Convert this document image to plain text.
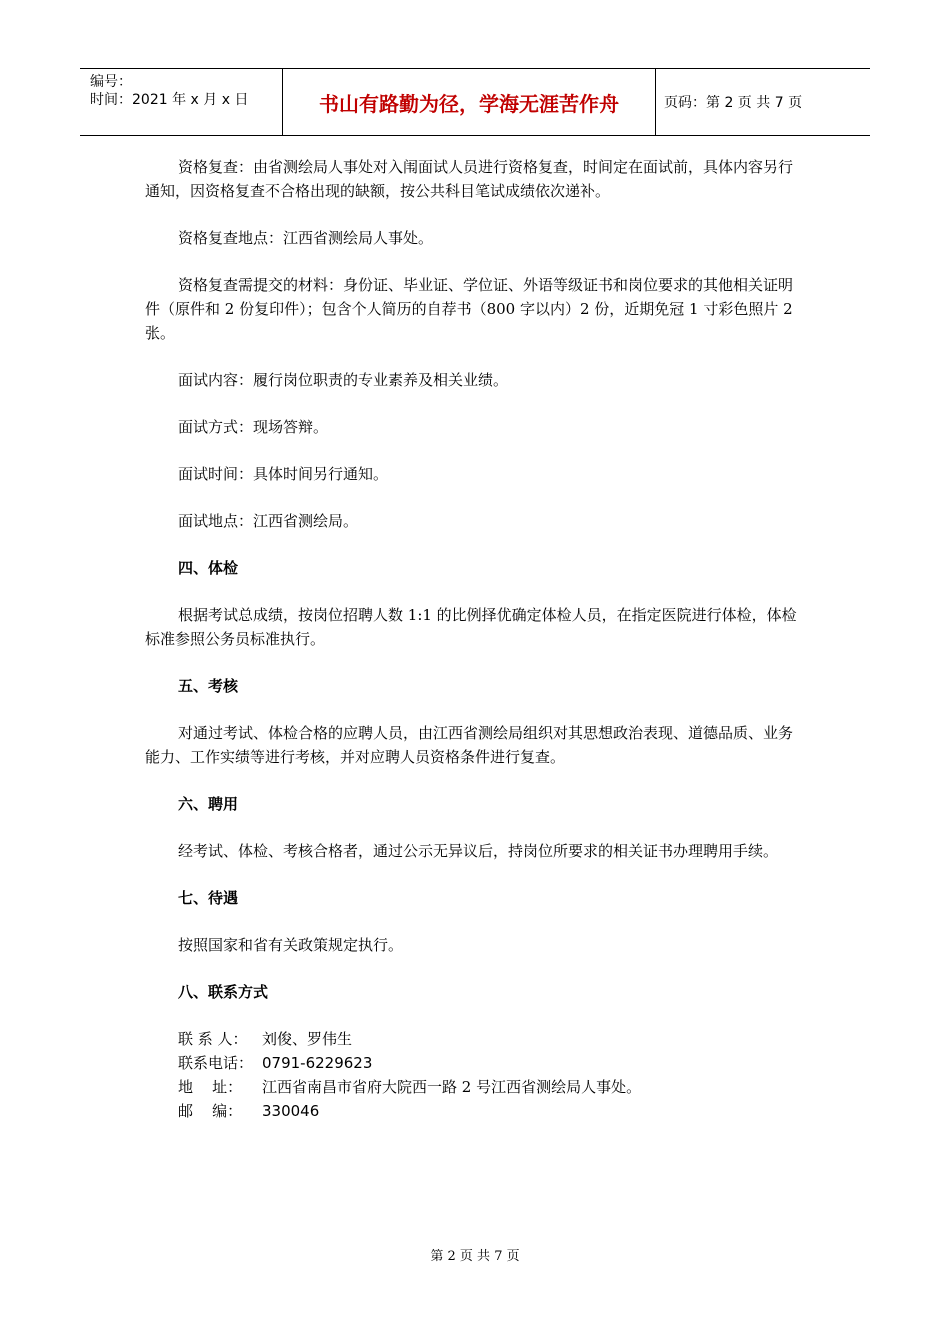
编号：
时间：2021 年 x 月 x 日	书山有路勤为径，学海无涯苦作舟	页码：第 2 页 共 7 页

资格复查：由省测绘局人事处对入闱面试人员进行资格复查，时间定在面试前，具体内容另行通知，因资格复查不合格出现的缺额，按公共科目笔试成绩依次递补。

资格复查地点：江西省测绘局人事处。

资格复查需提交的材料：身份证、毕业证、学位证、外语等级证书和岗位要求的其他相关证明件（原件和 2 份复印件）；包含个人简历的自荐书（800 字以内）2 份，近期免冠 1 寸彩色照片 2 张。

面试内容：履行岗位职责的专业素养及相关业绩。

面试方式：现场答辩。

面试时间：具体时间另行通知。

面试地点：江西省测绘局。

四、体检

根据考试总成绩，按岗位招聘人数 1:1 的比例择优确定体检人员，在指定医院进行体检，体检标准参照公务员标准执行。

五、考核

对通过考试、体检合格的应聘人员，由江西省测绘局组织对其思想政治表现、道德品质、业务能力、工作实绩等进行考核，并对应聘人员资格条件进行复查。

六、聘用

经考试、体检、考核合格者，通过公示无异议后，持岗位所要求的相关证书办理聘用手续。

七、待遇

按照国家和省有关政策规定执行。

八、联系方式

联 系 人： 刘俊、罗伟生
联系电话： 0791-6229623
地    址：	江西省南昌市省府大院西一路 2 号江西省测绘局人事处。
邮    编：	330046
第 2 页 共 7 页
